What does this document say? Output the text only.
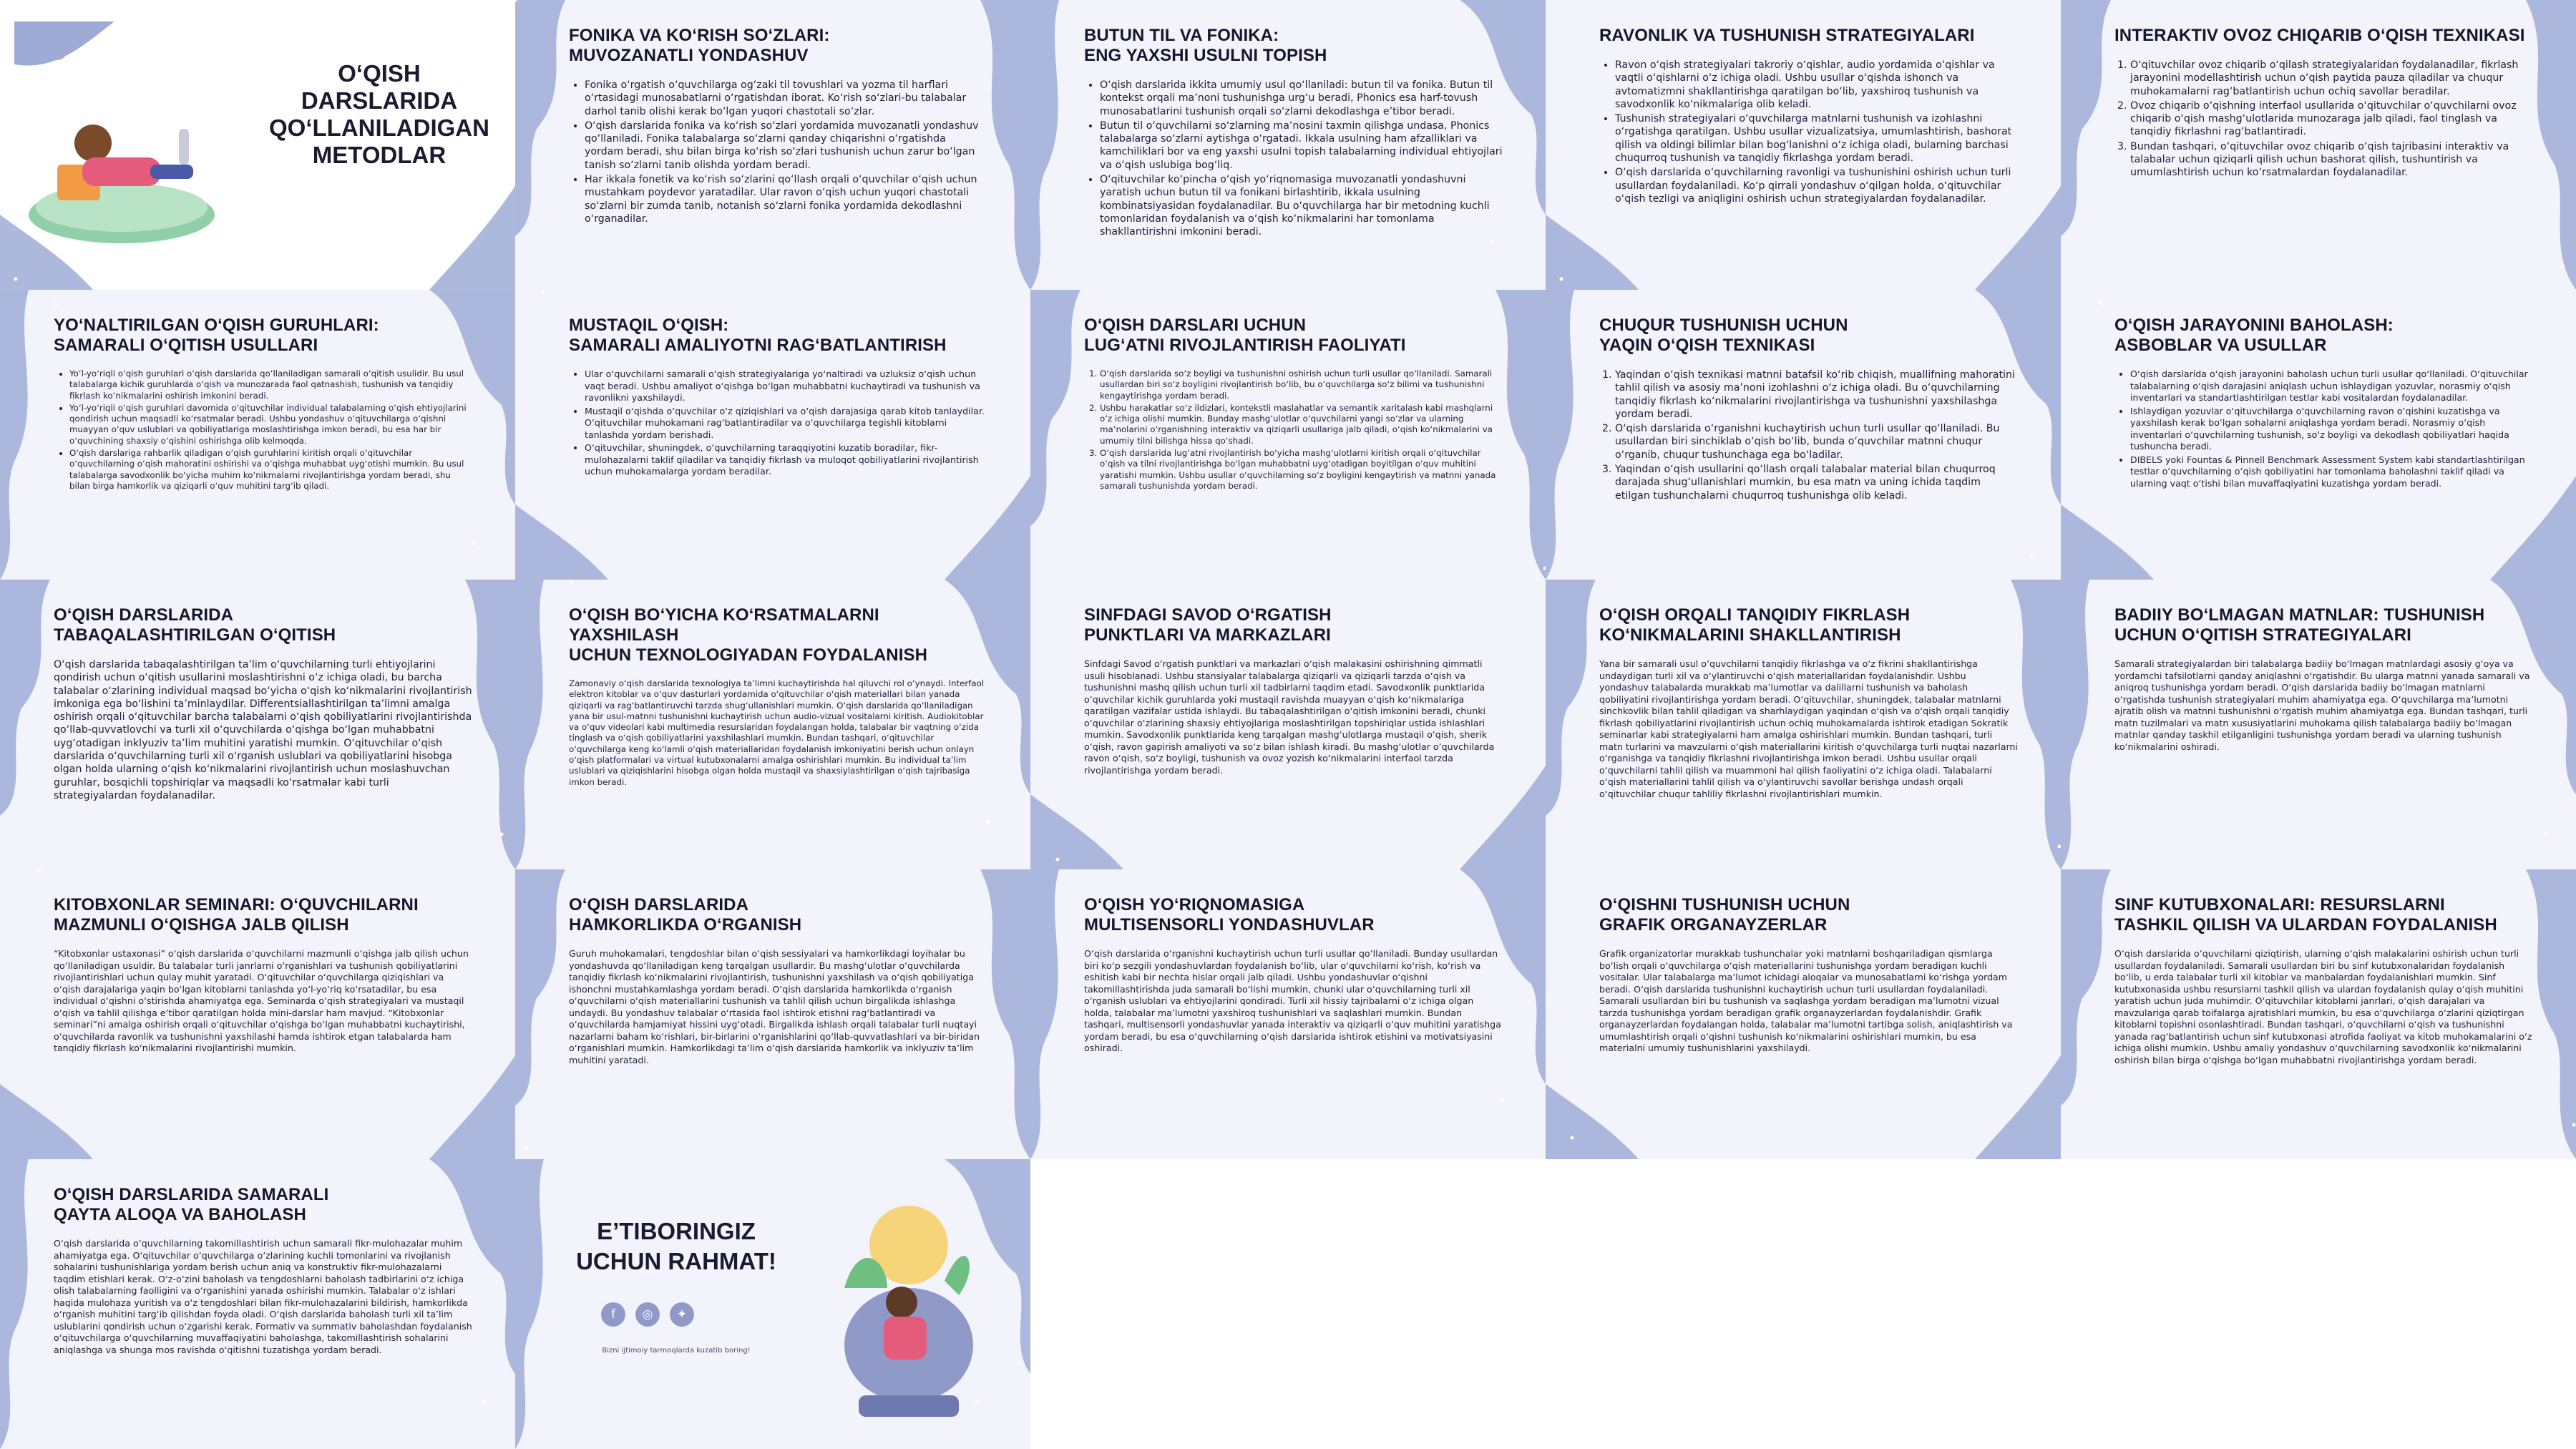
O‘QISH DARSLARIDA
QO‘LLANILADIGAN
METODLAR
FONIKA VA KO‘RISH SO‘ZLARI:
MUVOZANATLI YONDASHUV
• Fonika o‘rgatish o‘quvchilarga og‘zaki til tovushlari va yozma til harflari o‘rtasidagi munosabatlarni o‘rgatishdan iborat. Ko‘rish so‘zlari-bu talabalar darhol tanib olishi kerak bo‘lgan yuqori chastotali so‘zlar.
• O‘qish darslarida fonika va ko‘rish so‘zlari yordamida muvozanatli yondashuv qo‘llaniladi. Fonika talabalarga so‘zlarni qanday chiqarishni o‘rgatishda yordam beradi, shu bilan birga ko‘rish so‘zlari tushunish uchun zarur bo‘lgan tanish so‘zlarni tanib olishda yordam beradi.
• Har ikkala fonetik va ko‘rish so‘zlarini qo‘llash orqali o‘quvchilar o‘qish uchun mustahkam poydevor yaratadilar. Ular ravon o‘qish uchun yuqori chastotali so‘zlarni bir zumda tanib, notanish so‘zlarni fonika yordamida dekodlashni o‘rganadilar.
BUTUN TIL VA FONIKA:
ENG YAXSHI USULNI TOPISH
• O‘qish darslarida ikkita umumiy usul qo‘llaniladi: butun til va fonika. Butun til kontekst orqali ma’noni tushunishga urg‘u beradi, Phonics esa harf-tovush munosabatlarini tushunish orqali so‘zlarni dekodlashga e’tibor beradi.
• Butun til o‘quvchilarni so‘zlarning ma’nosini taxmin qilishga undasa, Phonics talabalarga so‘zlarni aytishga o‘rgatadi. Ikkala usulning ham afzalliklari va kamchiliklari bor va eng yaxshi usulni topish talabalarning individual ehtiyojlari va o‘qish uslubiga bog‘liq.
• O‘qituvchilar ko‘pincha o‘qish yo‘riqnomasiga muvozanatli yondashuvni yaratish uchun butun til va fonikani birlashtirib, ikkala usulning kombinatsiyasidan foydalanadilar. Bu o‘quvchilarga har bir metodning kuchli tomonlaridan foydalanish va o‘qish ko‘nikmalarini har tomonlama shakllantirishni imkonini beradi.
RAVONLIK VA TUSHUNISH STRATEGIYALARI
• Ravon o‘qish strategiyalari takroriy o‘qishlar, audio yordamida o‘qishlar va vaqtli o‘qishlarni o‘z ichiga oladi. Ushbu usullar o‘qishda ishonch va avtomatizmni shakllantirishga qaratilgan bo‘lib, yaxshiroq tushunish va savodxonlik ko‘nikmalariga olib keladi.
• Tushunish strategiyalari o‘quvchilarga matnlarni tushunish va izohlashni o‘rgatishga qaratilgan. Ushbu usullar vizualizatsiya, umumlashtirish, bashorat qilish va oldingi bilimlar bilan bog‘lanishni o‘z ichiga oladi, bularning barchasi chuqurroq tushunish va tanqidiy fikrlashga yordam beradi.
• O‘qish darslarida o‘quvchilarning ravonligi va tushunishini oshirish uchun turli usullardan foydalaniladi. Ko‘p qirrali yondashuv o‘qilgan holda, o‘qituvchilar o‘qish tezligi va aniqligini oshirish uchun strategiyalardan foydalanadilar.
INTERAKTIV OVOZ CHIQARIB O‘QISH TEXNIKASI
1. O‘qituvchilar ovoz chiqarib o‘qilash strategiyalaridan foydalanadilar, fikrlash jarayonini modellashtirish uchun o‘qish paytida pauza qiladilar va chuqur muhokamalarni rag‘batlantirish uchun ochiq savollar beradilar.
2. Ovoz chiqarib o‘qishning interfaol usullarida o‘qituvchilar o‘quvchilarni ovoz chiqarib o‘qish mashg‘ulotlarida munozaraga jalb qiladi, faol tinglash va tanqidiy fikrlashni rag‘batlantiradi.
3. Bundan tashqari, o‘qituvchilar ovoz chiqarib o‘qish tajribasini interaktiv va talabalar uchun qiziqarli qilish uchun bashorat qilish, tushuntirish va umumlashtirish uchun ko‘rsatmalardan foydalanadilar.
YO‘NALTIRILGAN O‘QISH GURUHLARI:
SAMARALI O‘QITISH USULLARI
• Yo‘l-yo‘riqli o‘qish guruhlari o‘qish darslarida qo‘llaniladigan samarali o‘qitish usulidir. Bu usul talabalarga kichik guruhlarda o‘qish va munozarada faol qatnashish, tushunish va tanqidiy fikrlash ko‘nikmalarini oshirish imkonini beradi.
• Yo‘l-yo‘riqli o‘qish guruhlari davomida o‘qituvchilar individual talabalarning o‘qish ehtiyojlarini qondirish uchun maqsadli ko‘rsatmalar beradi. Ushbu yondashuv o‘qituvchilarga o‘qishni muayyan o‘quv uslublari va qobiliyatlariga moslashtirishga imkon beradi, bu esa har bir o‘quvchining shaxsiy o‘qishini oshirishga olib kelmoqda.
• O‘qish darslariga rahbarlik qiladigan o‘qish guruhlarini kiritish orqali o‘qituvchilar o‘quvchilarning o‘qish mahoratini oshirishi va o‘qishga muhabbat uyg‘otishi mumkin. Bu usul talabalarga savodxonlik bo‘yicha muhim ko‘nikmalarni rivojlantirishga yordam beradi, shu bilan birga hamkorlik va qiziqarli o‘quv muhitini targ‘ib qiladi.
MUSTAQIL O‘QISH:
SAMARALI AMALIYOTNI RAG‘BATLANTIRISH
• Ular o‘quvchilarni samarali o‘qish strategiyalariga yo‘naltiradi va uzluksiz o‘qish uchun vaqt beradi. Ushbu amaliyot o‘qishga bo‘lgan muhabbatni kuchaytiradi va tushunish va ravonlikni yaxshilaydi.
• Mustaqil o‘qishda o‘quvchilar o‘z qiziqishlari va o‘qish darajasiga qarab kitob tanlaydilar. O‘qituvchilar muhokamani rag‘batlantiradilar va o‘quvchilarga tegishli kitoblarni tanlashda yordam berishadi.
• O‘qituvchilar, shuningdek, o‘quvchilarning taraqqiyotini kuzatib boradilar, fikr-mulohazalarni taklif qiladilar va tanqidiy fikrlash va muloqot qobiliyatlarini rivojlantirish uchun muhokamalarga yordam beradilar.
O‘QISH DARSLARI UCHUN
LUG‘ATNI RIVOJLANTIRISH FAOLIYATI
1. O‘qish darslarida so‘z boyligi va tushunishni oshirish uchun turli usullar qo‘llaniladi. Samarali usullardan biri so‘z boyligini rivojlantirish bo‘lib, bu o‘quvchilarga so‘z bilimi va tushunishni kengaytirishga yordam beradi.
2. Ushbu harakatlar so‘z ildizlari, kontekstli maslahatlar va semantik xaritalash kabi mashqlarni o‘z ichiga olishi mumkin. Bunday mashg‘ulotlar o‘quvchilarni yangi so‘zlar va ularning ma’nolarini o‘rganishning interaktiv va qiziqarli usullariga jalb qiladi, o‘qish ko‘nikmalarini va umumiy tilni bilishga hissa qo‘shadi.
3. O‘qish darslarida lug‘atni rivojlantirish bo‘yicha mashg‘ulotlarni kiritish orqali o‘qituvchilar o‘qish va tilni rivojlantirishga bo‘lgan muhabbatni uyg‘otadigan boyitilgan o‘quv muhitini yaratishi mumkin. Ushbu usullar o‘quvchilarning so‘z boyligini kengaytirish va matnni yanada samarali tushunishda yordam beradi.
CHUQUR TUSHUNISH UCHUN
YAQIN O‘QISH TEXNIKASI
1. Yaqindan o‘qish texnikasi matnni batafsil ko‘rib chiqish, muallifning mahoratini tahlil qilish va asosiy ma’noni izohlashni o‘z ichiga oladi. Bu o‘quvchilarning tanqidiy fikrlash ko‘nikmalarini rivojlantirishga va tushunishni yaxshilashga yordam beradi.
2. O‘qish darslarida o‘rganishni kuchaytirish uchun turli usullar qo‘llaniladi. Bu usullardan biri sinchiklab o‘qish bo‘lib, bunda o‘quvchilar matnni chuqur o‘rganib, chuqur tushunchaga ega bo‘ladilar.
3. Yaqindan o‘qish usullarini qo‘llash orqali talabalar material bilan chuqurroq darajada shug‘ullanishlari mumkin, bu esa matn va uning ichida taqdim etilgan tushunchalarni chuqurroq tushunishga olib keladi.
O‘QISH JARAYONINI BAHOLASH:
ASBOBLAR VA USULLAR
• O‘qish darslarida o‘qish jarayonini baholash uchun turli usullar qo‘llaniladi. O‘qituvchilar talabalarning o‘qish darajasini aniqlash uchun ishlaydigan yozuvlar, norasmiy o‘qish inventarlari va standartlashtirilgan testlar kabi vositalardan foydalanadilar.
• Ishlaydigan yozuvlar o‘qituvchilarga o‘quvchilarning ravon o‘qishini kuzatishga va yaxshilash kerak bo‘lgan sohalarni aniqlashga yordam beradi. Norasmiy o‘qish inventarlari o‘quvchilarning tushunish, so‘z boyligi va dekodlash qobiliyatlari haqida tushuncha beradi.
• DIBELS yoki Fountas & Pinnell Benchmark Assessment System kabi standartlashtirilgan testlar o‘quvchilarning o‘qish qobiliyatini har tomonlama baholashni taklif qiladi va ularning vaqt o‘tishi bilan muvaffaqiyatini kuzatishga yordam beradi.
O‘QISH DARSLARIDA
TABAQALASHTIRILGAN O‘QITISH

O‘qish darslarida tabaqalashtirilgan ta’lim o‘quvchilarning turli ehtiyojlarini qondirish uchun o‘qitish usullarini moslashtirishni o‘z ichiga oladi, bu barcha talabalar o‘zlarining individual maqsad bo‘yicha o‘qish ko‘nikmalarini rivojlantirish imkoniga ega bo‘lishini ta’minlaydilar. Differentsiallashtirilgan ta’limni amalga oshirish orqali o‘qituvchilar barcha talabalarni o‘qish qobiliyatlarini rivojlantirishda qo‘llab-quvvatlovchi va turli xil o‘quvchilarda o‘qishga bo‘lgan muhabbatni uyg‘otadigan inklyuziv ta’lim muhitini yaratishi mumkin. O‘qituvchilar o‘qish darslarida o‘quvchilarning turli xil o‘rganish uslublari va qobiliyatlarini hisobga olgan holda ularning o‘qish ko‘nikmalarini rivojlantirish uchun moslashuvchan guruhlar, bosqichli topshiriqlar va maqsadli ko‘rsatmalar kabi turli strategiyalardan foydalanadilar.

O‘QISH BO‘YICHA KO‘RSATMALARNI YAXSHILASH
UCHUN TEXNOLOGIYADAN FOYDALANISH

Zamonaviy o‘qish darslarida texnologiya ta’limni kuchaytirishda hal qiluvchi rol o‘ynaydi. Interfaol elektron kitoblar va o‘quv dasturlari yordamida o‘qituvchilar o‘qish materiallari bilan yanada qiziqarli va rag‘batlantiruvchi tarzda shug‘ullanishlari mumkin. O‘qish darslarida qo‘llaniladigan yana bir usul-matnni tushunishni kuchaytirish uchun audio-vizual vositalarni kiritish. Audiokitoblar va o‘quv videolari kabi multimedia resurslaridan foydalangan holda, talabalar bir vaqtning o‘zida tinglash va o‘qish qobiliyatlarini yaxshilashlari mumkin. Bundan tashqari, o‘qituvchilar o‘quvchilarga keng ko‘lamli o‘qish materiallaridan foydalanish imkoniyatini berish uchun onlayn o‘qish platformalari va virtual kutubxonalarni amalga oshirishlari mumkin. Bu individual ta’lim uslublari va qiziqishlarini hisobga olgan holda mustaqil va shaxsiylashtirilgan o‘qish tajribasiga imkon beradi.

SINFDAGI SAVOD O‘RGATISH
PUNKTLARI VA MARKAZLARI

Sinfdagi Savod o‘rgatish punktlari va markazlari o‘qish malakasini oshirishning qimmatli usuli hisoblanadi. Ushbu stansiyalar talabalarga qiziqarli va qiziqarli tarzda o‘qish va tushunishni mashq qilish uchun turli xil tadbirlarni taqdim etadi. Savodxonlik punktlarida o‘quvchilar kichik guruhlarda yoki mustaqil ravishda muayyan o‘qish ko‘nikmalariga qaratilgan vazifalar ustida ishlaydi. Bu tabaqalashtirilgan o‘qitish imkonini beradi, chunki o‘quvchilar o‘zlarining shaxsiy ehtiyojlariga moslashtirilgan topshiriqlar ustida ishlashlari mumkin. Savodxonlik punktlarida keng tarqalgan mashg‘ulotlarga mustaqil o‘qish, sherik o‘qish, ravon gapirish amaliyoti va so‘z bilan ishlash kiradi. Bu mashg‘ulotlar o‘quvchilarda ravon o‘qish, so‘z boyligi, tushunish va ovoz yozish ko‘nikmalarini interfaol tarzda rivojlantirishga yordam beradi.

O‘QISH ORQALI TANQIDIY FIKRLASH
KO‘NIKMALARINI SHAKLLANTIRISH

Yana bir samarali usul o‘quvchilarni tanqidiy fikrlashga va o‘z fikrini shakllantirishga undaydigan turli xil va o‘ylantiruvchi o‘qish materiallaridan foydalanishdir. Ushbu yondashuv talabalarda murakkab ma’lumotlar va dalillarni tushunish va baholash qobiliyatini rivojlantirishga yordam beradi. O‘qituvchilar, shuningdek, talabalar matnlarni sinchkovlik bilan tahlil qiladigan va sharhlaydigan yaqindan o‘qish va o‘qish orqali tanqidiy fikrlash qobiliyatlarini rivojlantirish uchun ochiq muhokamalarda ishtirok etadigan Sokratik seminarlar kabi strategiyalarni ham amalga oshirishlari mumkin. Bundan tashqari, turli matn turlarini va mavzularni o‘qish materiallarini kiritish o‘quvchilarga turli nuqtai nazarlarni o‘rganishga va tanqidiy fikrlashni rivojlantirishga imkon beradi. Ushbu usullar orqali o‘quvchilarni tahlil qilish va muammoni hal qilish faoliyatini o‘z ichiga oladi. Talabalarni o‘qish materiallarini tahlil qilish va o‘ylantiruvchi savollar berishga undash orqali o‘qituvchilar chuqur tahliliy fikrlashni rivojlantirishlari mumkin.

BADIIY BO‘LMAGAN MATNLAR: TUSHUNISH
UCHUN O‘QITISH STRATEGIYALARI

Samarali strategiyalardan biri talabalarga badiiy bo‘lmagan matnlardagi asosiy g‘oya va yordamchi tafsilotlarni qanday aniqlashni o‘rgatishdir. Bu ularga matnni yanada samarali va aniqroq tushunishga yordam beradi. O‘qish darslarida badiiy bo‘lmagan matnlarni o‘rgatishda tushunish strategiyalari muhim ahamiyatga ega. O‘quvchilarga ma’lumotni ajratib olish va matnni tushunishni o‘rgatish muhim ahamiyatga ega. Bundan tashqari, turli matn tuzilmalari va matn xususiyatlarini muhokama qilish talabalarga badiiy bo‘lmagan matnlar qanday taskhil etilganligini tushunishga yordam beradi va ularning tushunish ko‘nikmalarini oshiradi.

KITOBXONLAR SEMINARI: O‘QUVCHILARNI
MAZMUNLI O‘QISHGA JALB QILISH

“Kitobxonlar ustaxonasi” o‘qish darslarida o‘quvchilarni mazmunli o‘qishga jalb qilish uchun qo‘llaniladigan usuldir. Bu talabalar turli janrlarni o‘rganishlari va tushunish qobiliyatlarini rivojlantirishlari uchun qulay muhit yaratadi. O‘qituvchilar o‘quvchilarga qiziqishlari va o‘qish darajalariga yaqin bo‘lgan kitoblarni tanlashda yo‘l-yo‘riq ko‘rsatadilar, bu esa individual o‘qishni o‘stirishda ahamiyatga ega. Seminarda o‘qish strategiyalari va mustaqil o‘qish va tahlil qilishga e’tibor qaratilgan holda mini-darslar ham mavjud. “Kitobxonlar seminari”ni amalga oshirish orqali o‘qituvchilar o‘qishga bo‘lgan muhabbatni kuchaytirishi, o‘quvchilarda ravonlik va tushunishni yaxshilashi hamda ishtirok etgan talabalarda ham tanqidiy fikrlash ko‘nikmalarini rivojlantirishi mumkin.

O‘QISH DARSLARIDA
HAMKORLIKDA O‘RGANISH

Guruh muhokamalari, tengdoshlar bilan o‘qish sessiyalari va hamkorlikdagi loyihalar bu yondashuvda qo‘llaniladigan keng tarqalgan usullardir. Bu mashg‘ulotlar o‘quvchilarda tanqidiy fikrlash ko‘nikmalarini rivojlantirish, tushunishni yaxshilash va o‘qish qobiliyatiga ishonchni mustahkamlashga yordam beradi. O‘qish darslarida hamkorlikda o‘rganish o‘quvchilarni o‘qish materiallarini tushunish va tahlil qilish uchun birgalikda ishlashga undaydi. Bu yondashuv talabalar o‘rtasida faol ishtirok etishni rag‘batlantiradi va o‘quvchilarda hamjamiyat hissini uyg‘otadi. Birgalikda ishlash orqali talabalar turli nuqtayi nazarlarni baham ko‘rishlari, bir-birlarini o‘rganishlarini qo‘llab-quvvatlashlari va bir-biridan o‘rganishlari mumkin. Hamkorlikdagi ta’lim o‘qish darslarida hamkorlik va inklyuziv ta’lim muhitini yaratadi.

O‘QISH YO‘RIQNOMASIGA
MULTISENSORLI YONDASHUVLAR

O‘qish darslarida o‘rganishni kuchaytirish uchun turli usullar qo‘llaniladi. Bunday usullardan biri ko‘p sezgili yondashuvlardan foydalanish bo‘lib, ular o‘quvchilarni ko‘rish, ko‘rish va eshitish kabi bir nechta hislar orqali jalb qiladi. Ushbu yondashuvlar o‘qishni takomillashtirishda juda samarali bo‘lishi mumkin, chunki ular o‘quvchilarning turli xil o‘rganish uslublari va ehtiyojlarini qondiradi. Turli xil hissiy tajribalarni o‘z ichiga olgan holda, talabalar ma’lumotni yaxshiroq tushunishlari va saqlashlari mumkin. Bundan tashqari, multisensorli yondashuvlar yanada interaktiv va qiziqarli o‘quv muhitini yaratishga yordam beradi, bu esa o‘quvchilarning o‘qish darslarida ishtirok etishini va motivatsiyasini oshiradi.

O‘QISHNI TUSHUNISH UCHUN
GRAFIK ORGANAYZERLAR

Grafik organizatorlar murakkab tushunchalar yoki matnlarni boshqariladigan qismlarga bo‘lish orqali o‘quvchilarga o‘qish materiallarini tushunishga yordam beradigan kuchli vositalar. Ular talabalarga ma’lumot ichidagi aloqalar va munosabatlarni ko‘rishga yordam beradi. O‘qish darslarida tushunishni kuchaytirish uchun turli usullardan foydalaniladi. Samarali usullardan biri bu tushunish va saqlashga yordam beradigan ma’lumotni vizual tarzda tushunishga yordam beradigan grafik organayzerlardan foydalanishdir. Grafik organayzerlardan foydalangan holda, talabalar ma’lumotni tartibga solish, aniqlashtirish va umumlashtirish orqali o‘qishni tushunish ko‘nikmalarini oshirishlari mumkin, bu esa materialni umumiy tushunishlarini yaxshilaydi.

SINF KUTUBXONALARI: RESURSLARNI
TASHKIL QILISH VA ULARDAN FOYDALANISH

O‘qish darslarida o‘quvchilarni qiziqtirish, ularning o‘qish malakalarini oshirish uchun turli usullardan foydalaniladi. Samarali usullardan biri bu sinf kutubxonalaridan foydalanish bo‘lib, u erda talabalar turli xil kitoblar va manbalardan foydalanishlari mumkin. Sinf kutubxonasida ushbu resurslarni tashkil qilish va ulardan foydalanish qulay o‘qish muhitini yaratish uchun juda muhimdir. O‘qituvchilar kitoblarni janrlari, o‘qish darajalari va mavzulariga qarab toifalarga ajratishlari mumkin, bu esa o‘quvchilarga o‘zlarini qiziqtirgan kitoblarni topishni osonlashtiradi. Bundan tashqari, o‘quvchilarni o‘qish va tushunishni yanada rag‘batlantirish uchun sinf kutubxonasi atrofida faoliyat va kitob muhokamalarini o‘z ichiga olishi mumkin. Ushbu amaliy yondashuv o‘quvchilarning savodxonlik ko‘nikmalarini oshirish bilan birga o‘qishga bo‘lgan muhabbatni rivojlantirishga yordam beradi.

O‘QISH DARSLARIDA SAMARALI
QAYTA ALOQA VA BAHOLASH

O‘qish darslarida o‘quvchilarning takomillashtirish uchun samarali fikr-mulohazalar muhim ahamiyatga ega. O‘qituvchilar o‘quvchilarga o‘zlarining kuchli tomonlarini va rivojlanish sohalarini tushunishlariga yordam berish uchun aniq va konstruktiv fikr-mulohazalarni taqdim etishlari kerak. O‘z-o‘zini baholash va tengdoshlarni baholash tadbirlarini o‘z ichiga olish talabalarning faolligini va o‘rganishini yanada oshirishi mumkin. Talabalar o‘z ishlari haqida mulohaza yuritish va o‘z tengdoshlari bilan fikr-mulohazalarini bildirish, hamkorlikda o‘rganish muhitini targ‘ib qilishdan foyda oladi. O‘qish darslarida baholash turli xil ta’lim uslublarini qondirish uchun o‘zgarishi kerak. Formativ va summativ baholashdan foydalanish o‘qituvchilarga o‘quvchilarning muvaffaqiyatini baholashga, takomillashtirish sohalarini aniqlashga va shunga mos ravishda o‘qitishni tuzatishga yordam beradi.

E’TIBORINGIZ
UCHUN RAHMAT!
f	◎	✦
Bizni ijtimoiy tarmoqlarda kuzatib boring!
